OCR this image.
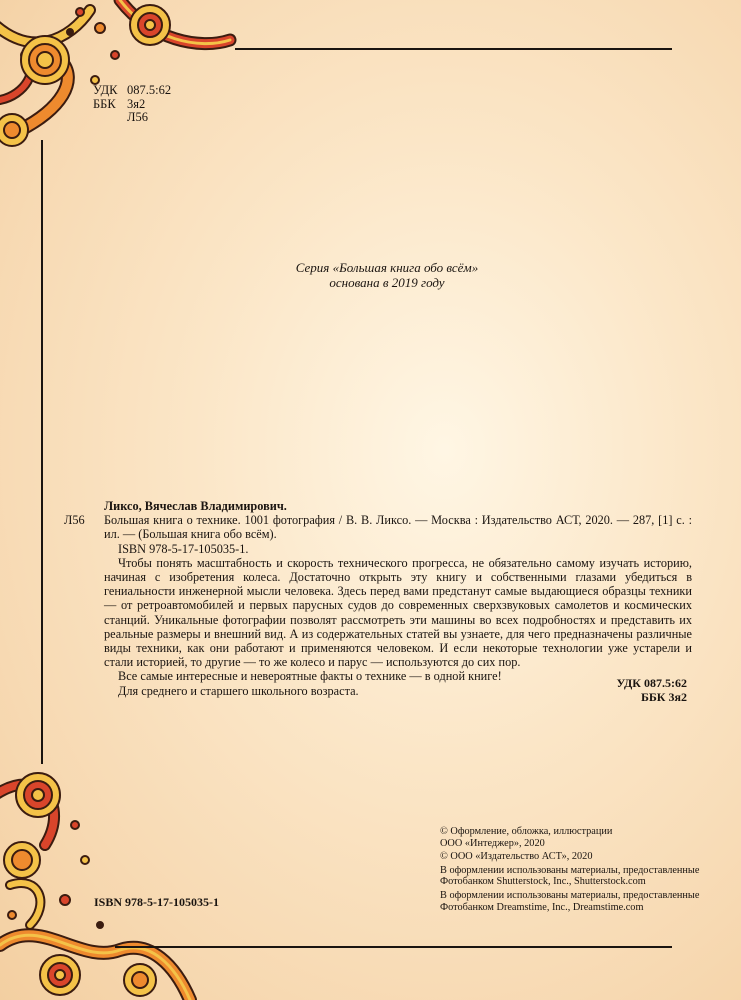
УДК 087.5:62
ББК 3я2
Л56
Серия «Большая книга обо всём»
основана в 2019 году

Ликсо, Вячеслав Владимирович.

Л56 Большая книга о технике. 1001 фотография / В. В. Ликсо. — Москва : Издательство АСТ, 2020. — 287, [1] с. : ил. — (Большая книга обо всём).

ISBN 978-5-17-105035-1.

Чтобы понять масштабность и скорость технического прогресса, не обязательно самому изучать историю, начиная с изобретения колеса. Достаточно открыть эту книгу и собственными глазами убедиться в гениальности инженерной мысли человека. Здесь перед вами предстанут самые выдающиеся образцы техники — от ретроавтомобилей и первых парусных судов до современных сверхзвуковых самолетов и космических станций. Уникальные фотографии позволят рассмотреть эти машины во всех подробностях и представить их реальные размеры и внешний вид. А из содержательных статей вы узнаете, для чего предназначены различные виды техники, как они работают и применяются человеком. И если некоторые технологии уже устарели и стали историей, то другие — то же колесо и парус — используются до сих пор.

Все самые интересные и невероятные факты о технике — в одной книге!

Для среднего и старшего школьного возраста.

УДК 087.5:62
ББК 3я2

© Оформление, обложка, иллюстрации
ООО «Интеджер», 2020

© ООО «Издательство АСТ», 2020

В оформлении использованы материалы, предоставленные
Фотобанком Shutterstock, Inc., Shutterstock.com

В оформлении использованы материалы, предоставленные
Фотобанком Dreamstime, Inc., Dreamstime.com

ISBN 978-5-17-105035-1
